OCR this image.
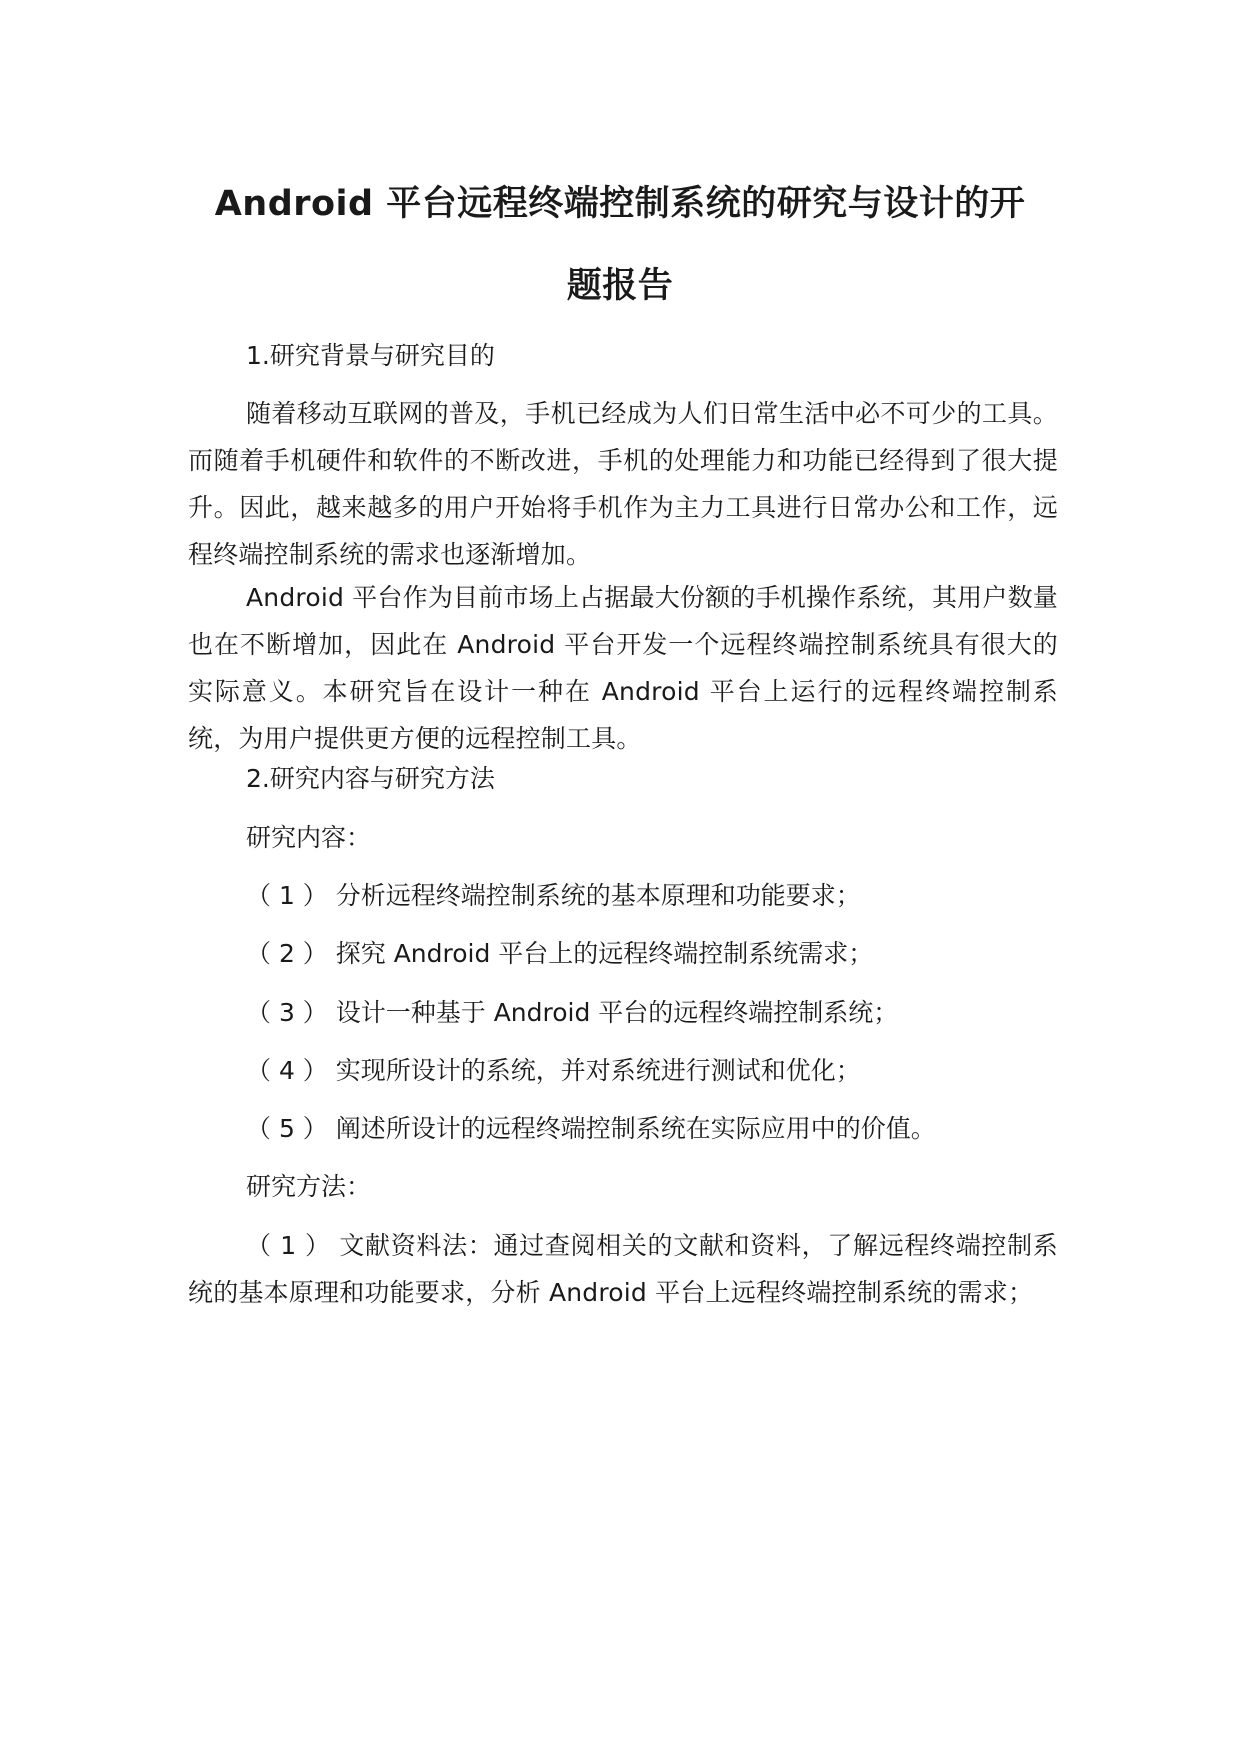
Android 平台远程终端控制系统的研究与设计的开
题报告
1.研究背景与研究目的
随着移动互联网的普及，手机已经成为人们日常生活中必不可少的工具。而随着手机硬件和软件的不断改进，手机的处理能力和功能已经得到了很大提升。因此，越来越多的用户开始将手机作为主力工具进行日常办公和工作，远程终端控制系统的需求也逐渐增加。
Android 平台作为目前市场上占据最大份额的手机操作系统，其用户数量也在不断增加，因此在 Android 平台开发一个远程终端控制系统具有很大的实际意义。本研究旨在设计一种在 Android 平台上运行的远程终端控制系统，为用户提供更方便的远程控制工具。
2.研究内容与研究方法
研究内容：
（ 1 ） 分析远程终端控制系统的基本原理和功能要求；
（ 2 ） 探究 Android 平台上的远程终端控制系统需求；
（ 3 ） 设计一种基于 Android 平台的远程终端控制系统；
（ 4 ） 实现所设计的系统，并对系统进行测试和优化；
（ 5 ） 阐述所设计的远程终端控制系统在实际应用中的价值。
研究方法：
（ 1 ） 文献资料法：通过查阅相关的文献和资料，了解远程终端控制系统的基本原理和功能要求，分析 Android 平台上远程终端控制系统的需求；
